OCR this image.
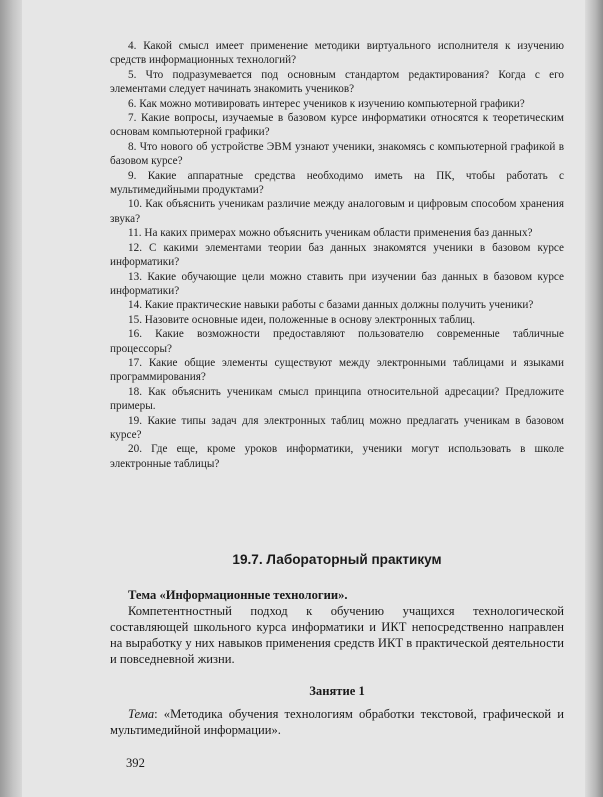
4. Какой смысл имеет применение методики виртуального исполнителя к изучению средств информационных технологий?

5. Что подразумевается под основным стандартом редактирования? Когда с его элементами следует начинать знакомить учеников?

6. Как можно мотивировать интерес учеников к изучению компьютерной графики?

7. Какие вопросы, изучаемые в базовом курсе информатики относятся к теоретическим основам компьютерной графики?

8. Что нового об устройстве ЭВМ узнают ученики, знакомясь с компьютерной графикой в базовом курсе?

9. Какие аппаратные средства необходимо иметь на ПК, чтобы работать с мультимедийными продуктами?

10. Как объяснить ученикам различие между аналоговым и цифровым способом хранения звука?

11. На каких примерах можно объяснить ученикам области применения баз данных?

12. С какими элементами теории баз данных знакомятся ученики в базовом курсе информатики?

13. Какие обучающие цели можно ставить при изучении баз данных в базовом курсе информатики?

14. Какие практические навыки работы с базами данных должны получить ученики?

15. Назовите основные идеи, положенные в основу электронных таблиц.

16. Какие возможности предоставляют пользователю современные табличные процессоры?

17. Какие общие элементы существуют между электронными таблицами и языками программирования?

18. Как объяснить ученикам смысл принципа относительной адресации? Предложите примеры.

19. Какие типы задач для электронных таблиц можно предлагать ученикам в базовом курсе?

20. Где еще, кроме уроков информатики, ученики могут использовать в школе электронные таблицы?

19.7. Лабораторный практикум

Тема «Информационные технологии».

Компетентностный подход к обучению учащихся технологической составляющей школьного курса информатики и ИКТ непосредственно направлен на выработку у них навыков применения средств ИКТ в практической деятельности и повседневной жизни.

Занятие 1

Тема: «Методика обучения технологиям обработки текстовой, графической и мультимедийной информации».

392
